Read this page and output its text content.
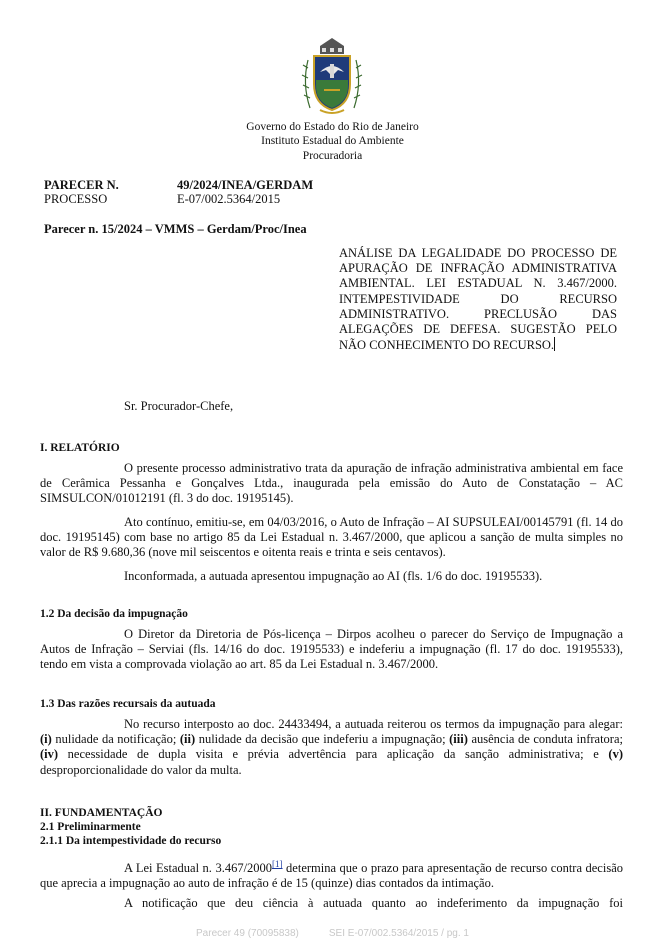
Governo do Estado do Rio de Janeiro
Instituto Estadual do Ambiente
Procuradoria
PARECER N.	49/2024/INEA/GERDAM
PROCESSO	E-07/002.5364/2015
Parecer n. 15/2024 – VMMS – Gerdam/Proc/Inea
ANÁLISE DA LEGALIDADE DO PROCESSO DE APURAÇÃO DE INFRAÇÃO ADMINISTRATIVA AMBIENTAL. LEI ESTADUAL N. 3.467/2000. INTEMPESTIVIDADE DO RECURSO ADMINISTRATIVO. PRECLUSÃO DAS ALEGAÇÕES DE DEFESA. SUGESTÃO PELO
NÃO CONHECIMENTO DO RECURSO.
Sr. Procurador-Chefe,
I. RELATÓRIO
O presente processo administrativo trata da apuração de infração administrativa ambiental em face de Cerâmica Pessanha e Gonçalves Ltda., inaugurada pela emissão do Auto de Constatação – AC SIMSULCON/01012191 (fl. 3 do doc. 19195145).
Ato contínuo, emitiu-se, em 04/03/2016, o Auto de Infração – AI SUPSULEAI/00145791 (fl. 14 do doc. 19195145) com base no artigo 85 da Lei Estadual n. 3.467/2000, que aplicou a sanção de multa simples no valor de R$ 9.680,36 (nove mil seiscentos e oitenta reais e trinta e seis centavos).
Inconformada, a autuada apresentou impugnação ao AI (fls. 1/6 do doc. 19195533).
1.2 Da decisão da impugnação
O Diretor da Diretoria de Pós-licença – Dirpos acolheu o parecer do Serviço de Impugnação a Autos de Infração – Serviai (fls. 14/16 do doc. 19195533) e indeferiu a impugnação (fl. 17 do doc. 19195533), tendo em vista a comprovada violação ao art. 85 da Lei Estadual n. 3.467/2000.
1.3 Das razões recursais da autuada
No recurso interposto ao doc. 24433494, a autuada reiterou os termos da impugnação para alegar: (i) nulidade da notificação; (ii) nulidade da decisão que indeferiu a impugnação; (iii) ausência de conduta infratora; (iv) necessidade de dupla visita e prévia advertência para aplicação da sanção administrativa; e (v) desproporcionalidade do valor da multa.
II. FUNDAMENTAÇÃO
2.1 Preliminarmente
2.1.1 Da intempestividade do recurso
A Lei Estadual n. 3.467/2000[1] determina que o prazo para apresentação de recurso contra decisão que aprecia a impugnação ao auto de infração é de 15 (quinze) dias contados da intimação.
A notificação que deu ciência à autuada quanto ao indeferimento da impugnação foi
Parecer 49 (70095838)	SEI E-07/002.5364/2015 / pg. 1
